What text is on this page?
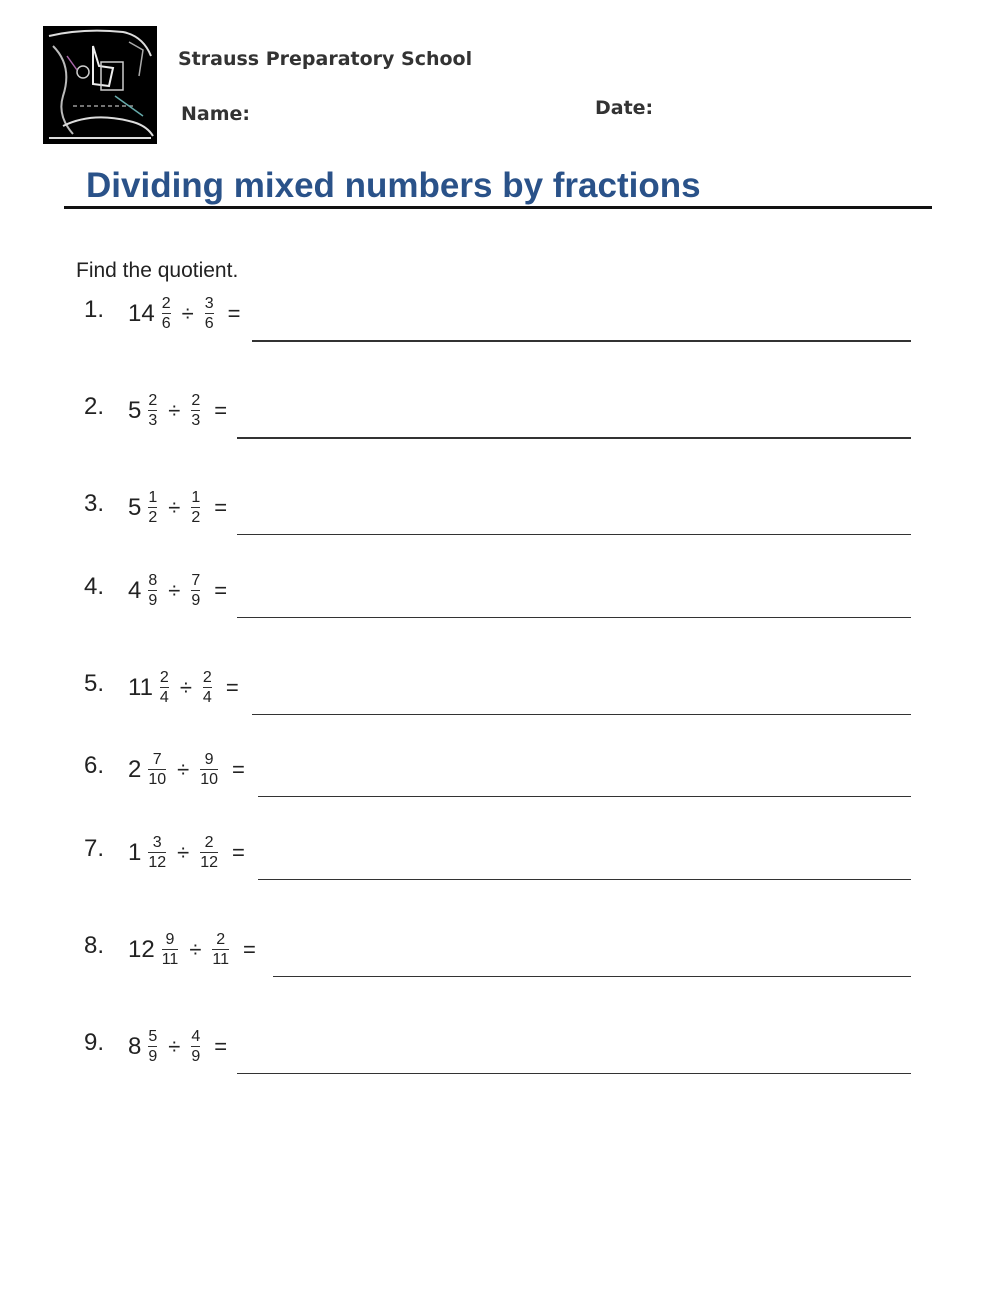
Strauss Preparatory School
Name:	Date:
Dividing mixed numbers by fractions
Find the quotient.
1. $14 \frac{2}{6} \div \frac{3}{6}$ =
2. $5 \frac{2}{3} \div \frac{2}{3}$ =
3. $5 \frac{1}{2} \div \frac{1}{2}$ =
4. $4 \frac{8}{9} \div \frac{7}{9}$ =
5. $11 \frac{2}{4} \div \frac{2}{4}$ =
6. $2 \frac{7}{10} \div \frac{9}{10}$ =
7. $1 \frac{3}{12} \div \frac{2}{12}$ =
8. $12 \frac{9}{11} \div \frac{2}{11}$ =
9. $8 \frac{5}{9} \div \frac{4}{9}$ =
